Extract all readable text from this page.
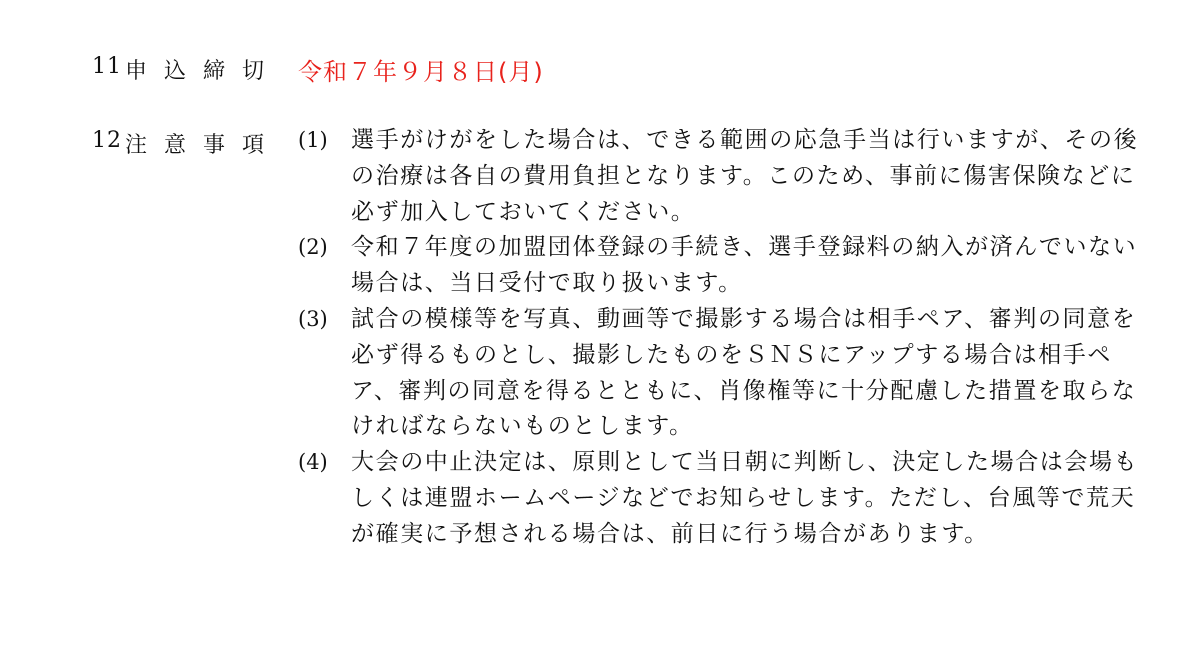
11 申込締切 令和７年９月８日(月)
12 注意事項 (1) 選手がけがをした場合は、できる範囲の応急手当は行いますが、その後の治療は各自の費用負担となります。このため、事前に傷害保険などに必ず加入しておいてください。
(2) 令和７年度の加盟団体登録の手続き、選手登録料の納入が済んでいない場合は、当日受付で取り扱います。
(3) 試合の模様等を写真、動画等で撮影する場合は相手ペア、審判の同意を必ず得るものとし、撮影したものをＳＮＳにアップする場合は相手ペア、審判の同意を得るとともに、肖像権等に十分配慮した措置を取らなければならないものとします。
(4) 大会の中止決定は、原則として当日朝に判断し、決定した場合は会場もしくは連盟ホームページなどでお知らせします。ただし、台風等で荒天が確実に予想される場合は、前日に行う場合があります。
